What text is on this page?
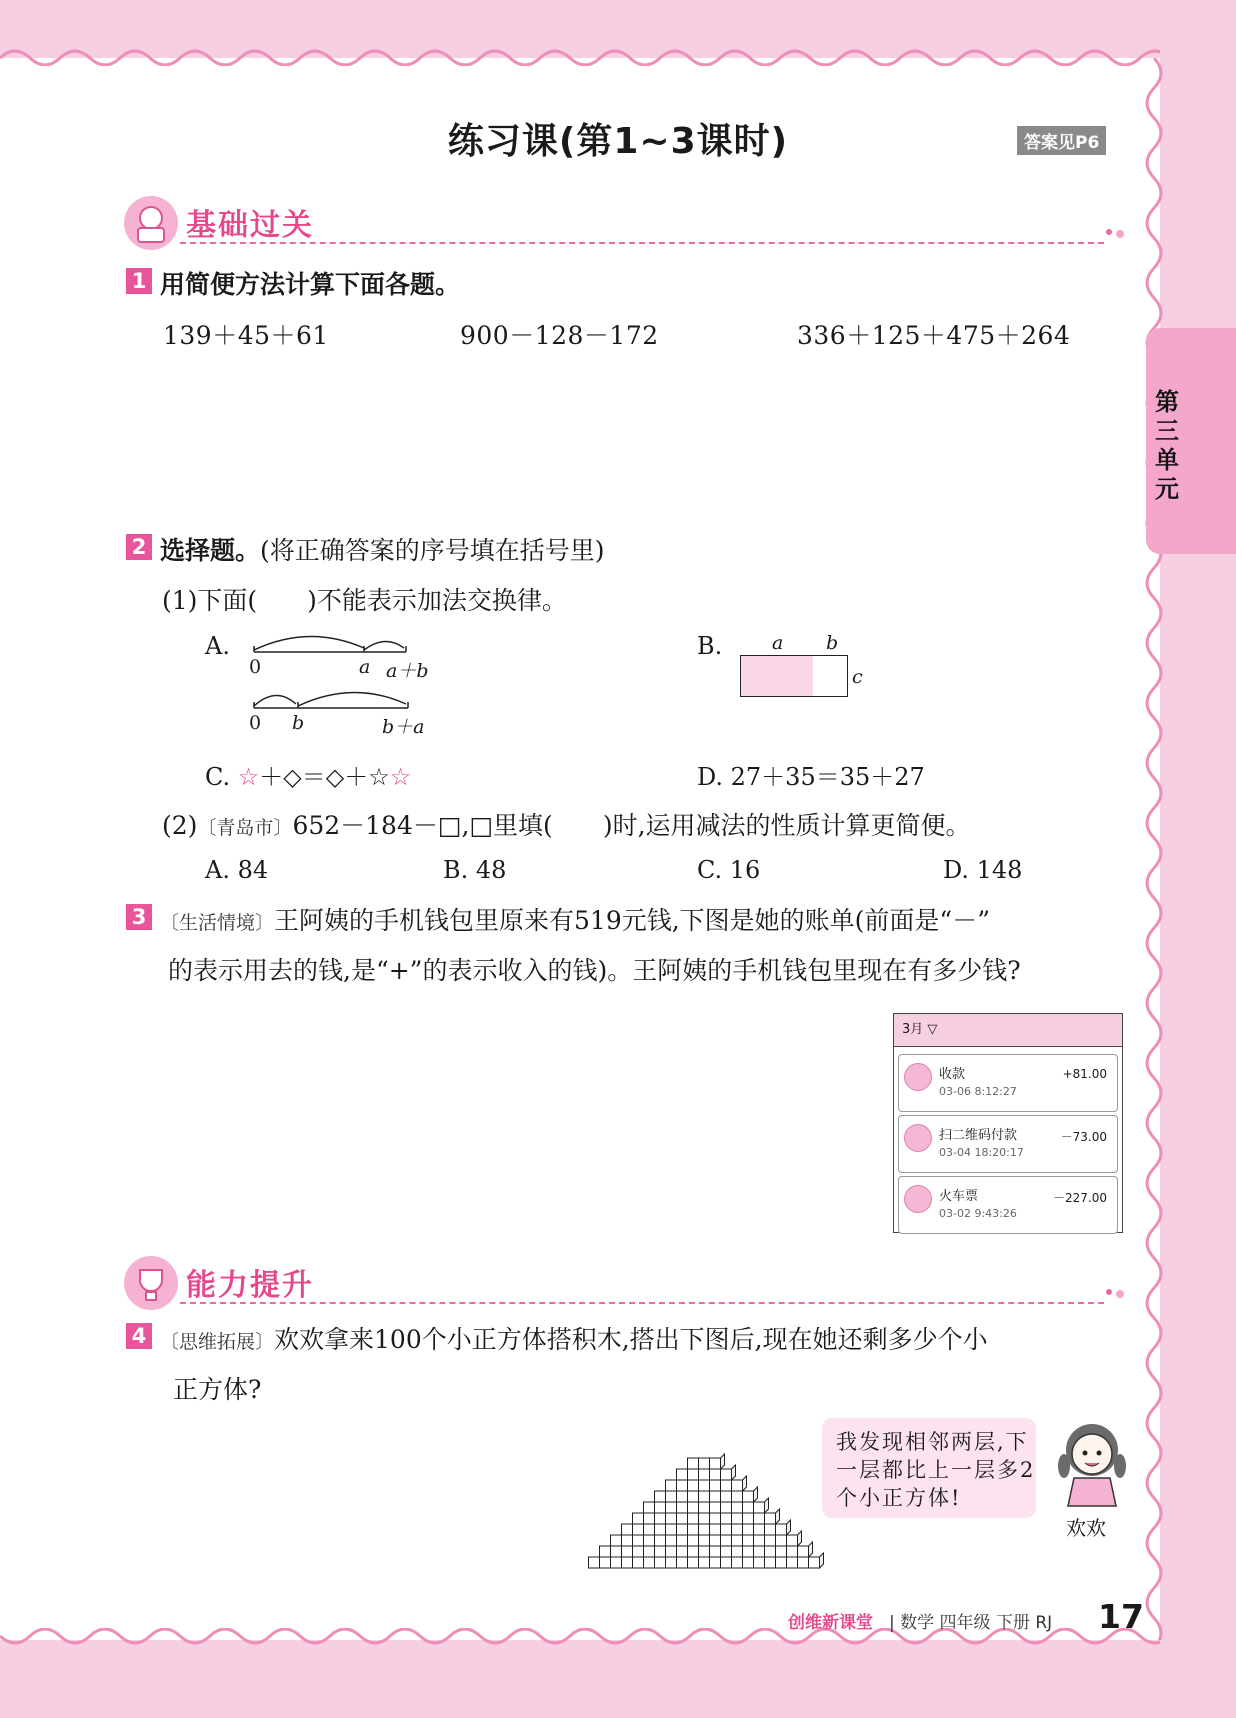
第三单元
练习课(第1~3课时)	答案见P6
基础过关
1 用简便方法计算下面各题。
139＋45＋61	900－128－172	336＋125＋475＋264
2 选择题。(将正确答案的序号填在括号里)
(1)下面(　　)不能表示加法交换律。
A.
0	a a＋b
0 b	b＋a
B.	a b
c
C. ☆＋◇＝◇＋☆☆	D. 27＋35＝35＋27
(2)〔青岛市〕652－184－□,□里填(　　)时,运用减法的性质计算更简便。
A. 84	B. 48	C. 16	D. 148
3 〔生活情境〕王阿姨的手机钱包里原来有519元钱,下图是她的账单(前面是“－”
的表示用去的钱,是“+”的表示收入的钱)。王阿姨的手机钱包里现在有多少钱?
3月 ▽
收款
03-06 8:12:27
+81.00
扫二维码付款
03-04 18:20:17
－73.00
火车票
03-02 9:43:26
－227.00
能力提升
4 〔思维拓展〕欢欢拿来100个小正方体搭积木,搭出下图后,现在她还剩多少个小
正方体?
我发现相邻两层,下一层都比上一层多2个小正方体!
欢欢
创维新课堂 | 数学 四年级 下册 RJ 17
